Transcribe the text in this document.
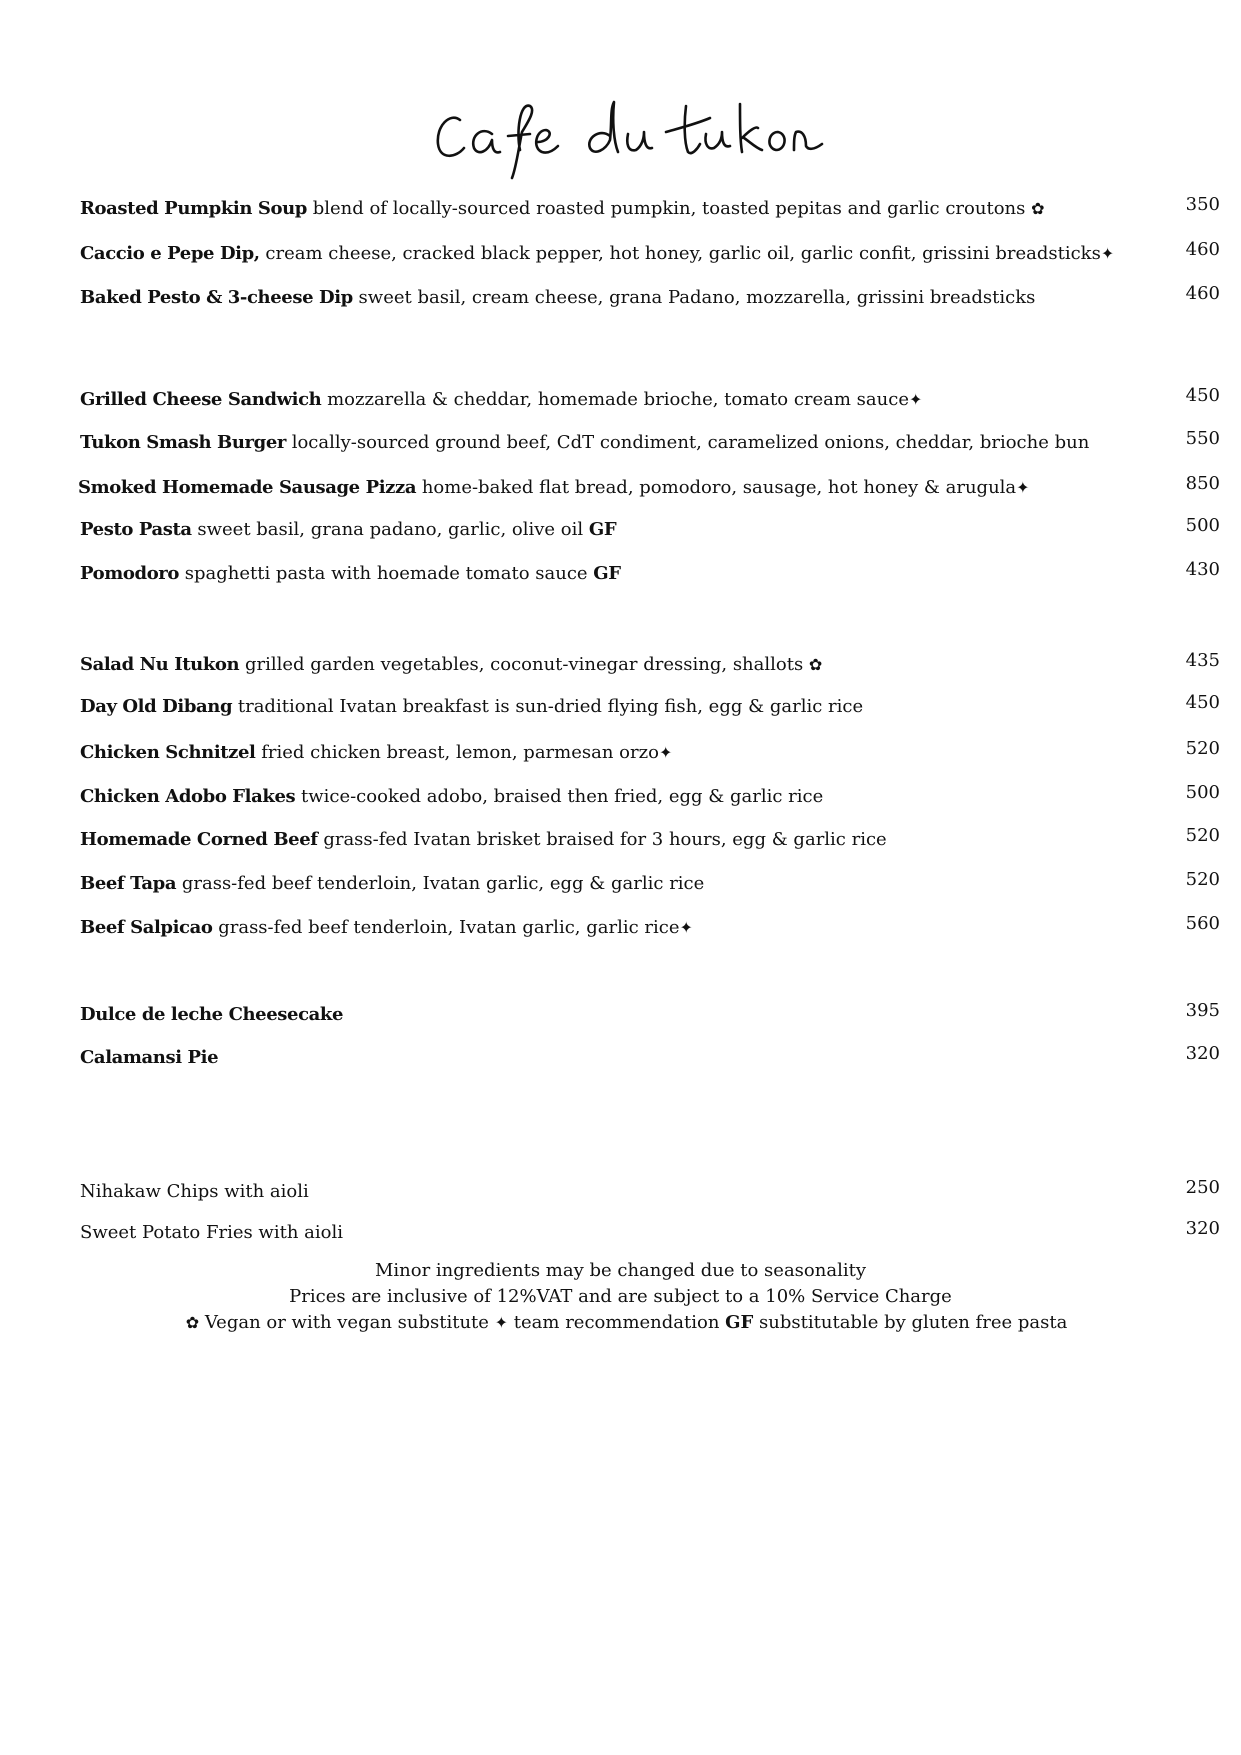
Roasted Pumpkin Soup blend of locally-sourced roasted pumpkin, toasted pepitas and garlic croutons ✿	350
Caccio e Pepe Dip, cream cheese, cracked black pepper, hot honey, garlic oil, garlic confit, grissini breadsticks✦	460
Baked Pesto & 3-cheese Dip sweet basil, cream cheese, grana Padano, mozzarella, grissini breadsticks	460
Grilled Cheese Sandwich mozzarella & cheddar, homemade brioche, tomato cream sauce✦	450
Tukon Smash Burger locally-sourced ground beef, CdT condiment, caramelized onions, cheddar, brioche bun	550
Smoked Homemade Sausage Pizza home-baked flat bread, pomodoro, sausage, hot honey & arugula✦	850
Pesto Pasta sweet basil, grana padano, garlic, olive oil GF	500
Pomodoro spaghetti pasta with hoemade tomato sauce GF	430
Salad Nu Itukon grilled garden vegetables, coconut-vinegar dressing, shallots ✿	435
Day Old Dibang traditional Ivatan breakfast is sun-dried flying fish, egg & garlic rice	450
Chicken Schnitzel fried chicken breast, lemon, parmesan orzo✦	520
Chicken Adobo Flakes twice-cooked adobo, braised then fried, egg & garlic rice	500
Homemade Corned Beef grass-fed Ivatan brisket braised for 3 hours, egg & garlic rice	520
Beef Tapa grass-fed beef tenderloin, Ivatan garlic, egg & garlic rice	520
Beef Salpicao grass-fed beef tenderloin, Ivatan garlic, garlic rice✦	560
Dulce de leche Cheesecake	395
Calamansi Pie	320
Nihakaw Chips with aioli	250
Sweet Potato Fries with aioli	320
Minor ingredients may be changed due to seasonality
Prices are inclusive of 12%VAT and are subject to a 10% Service Charge
✿ Vegan or with vegan substitute ✦ team recommendation GF substitutable by gluten free pasta
